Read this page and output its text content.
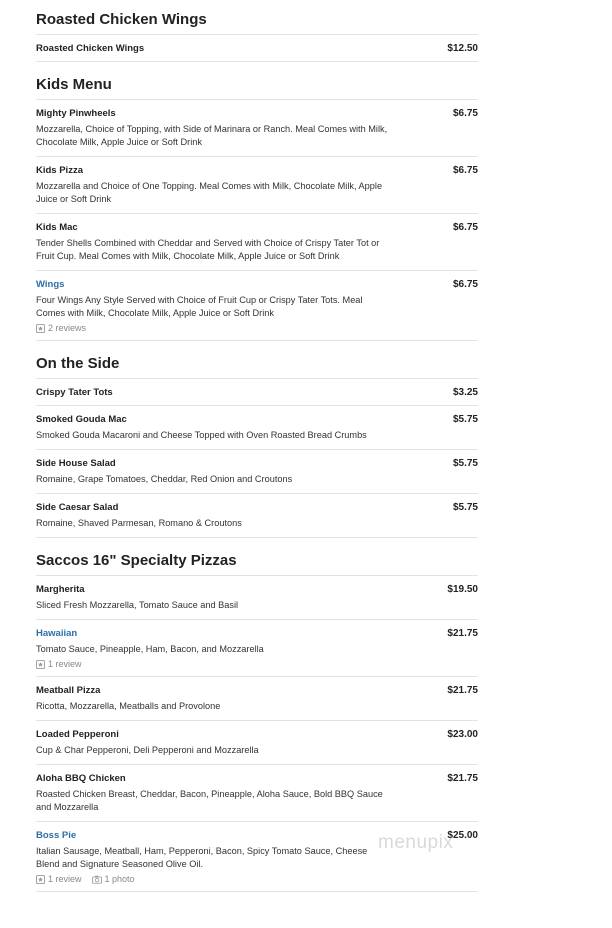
Roasted Chicken Wings
Roasted Chicken Wings	$12.50
Kids Menu
Mighty Pinwheels	$6.75
Mozzarella, Choice of Topping, with Side of Marinara or Ranch. Meal Comes with Milk, Chocolate Milk, Apple Juice or Soft Drink
Kids Pizza	$6.75
Mozzarella and Choice of One Topping. Meal Comes with Milk, Chocolate Milk, Apple Juice or Soft Drink
Kids Mac	$6.75
Tender Shells Combined with Cheddar and Served with Choice of Crispy Tater Tot or Fruit Cup. Meal Comes with Milk, Chocolate Milk, Apple Juice or Soft Drink
Wings	$6.75
Four Wings Any Style Served with Choice of Fruit Cup or Crispy Tater Tots. Meal Comes with Milk, Chocolate Milk, Apple Juice or Soft Drink
2 reviews
On the Side
Crispy Tater Tots	$3.25
Smoked Gouda Mac	$5.75
Smoked Gouda Macaroni and Cheese Topped with Oven Roasted Bread Crumbs
Side House Salad	$5.75
Romaine, Grape Tomatoes, Cheddar, Red Onion and Croutons
Side Caesar Salad	$5.75
Romaine, Shaved Parmesan, Romano & Croutons
Saccos 16" Specialty Pizzas
Margherita	$19.50
Sliced Fresh Mozzarella, Tomato Sauce and Basil
Hawaiian	$21.75
Tomato Sauce, Pineapple, Ham, Bacon, and Mozzarella
1 review
Meatball Pizza	$21.75
Ricotta, Mozzarella, Meatballs and Provolone
Loaded Pepperoni	$23.00
Cup & Char Pepperoni, Deli Pepperoni and Mozzarella
Aloha BBQ Chicken	$21.75
Roasted Chicken Breast, Cheddar, Bacon, Pineapple, Aloha Sauce, Bold BBQ Sauce and Mozzarella
Boss Pie	$25.00
Italian Sausage, Meatball, Ham, Pepperoni, Bacon, Spicy Tomato Sauce, Cheese Blend and Signature Seasoned Olive Oil.
1 review	1 photo
menupix
